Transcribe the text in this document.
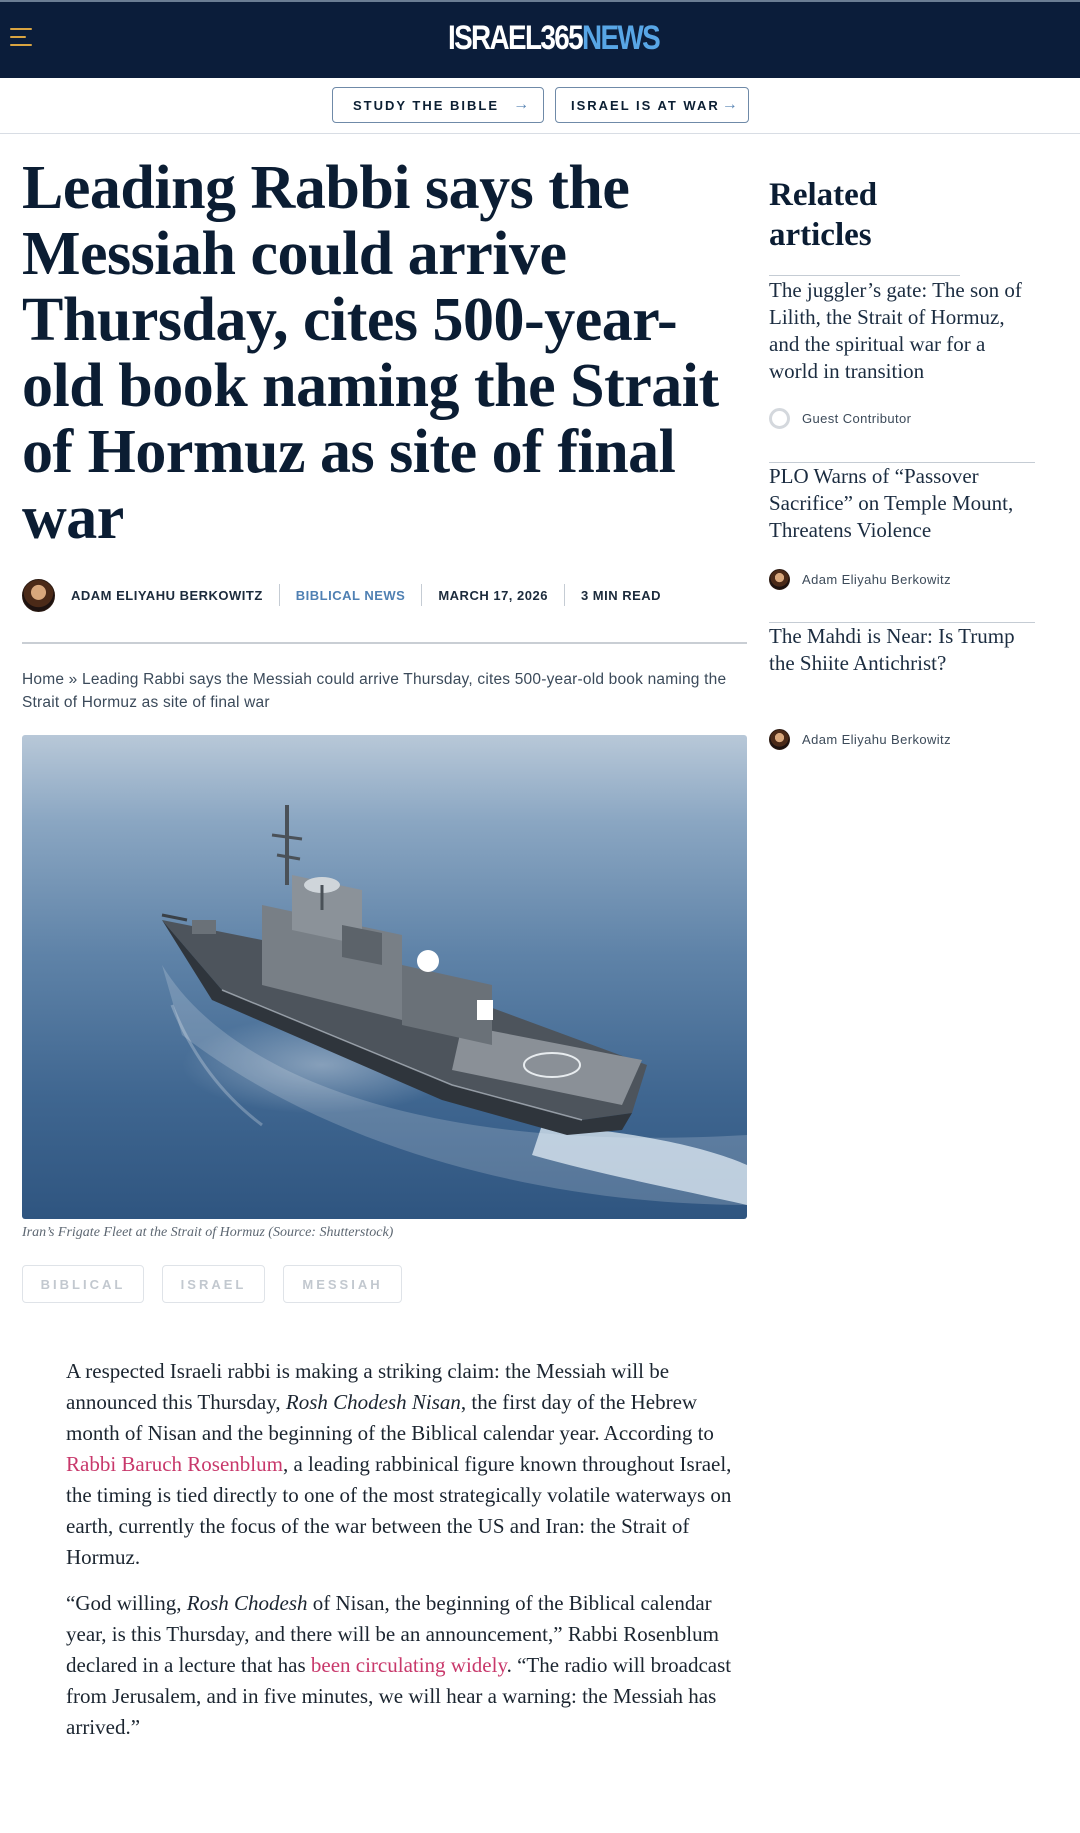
ISRAEL365 NEWS
STUDY THE BIBLE →	ISRAEL IS AT WAR →
Leading Rabbi says the Messiah could arrive Thursday, cites 500-year-old book naming the Strait of Hormuz as site of final war
ADAM ELIYAHU BERKOWITZ	BIBLICAL NEWS	MARCH 17, 2026	3 MIN READ
Home » Leading Rabbi says the Messiah could arrive Thursday, cites 500-year-old book naming the Strait of Hormuz as site of final war
Iran’s Frigate Fleet at the Strait of Hormuz (Source: Shutterstock)
BIBLICAL	ISRAEL	MESSIAH

A respected Israeli rabbi is making a striking claim: the Messiah will be announced this Thursday, Rosh Chodesh Nisan, the first day of the Hebrew month of Nisan and the beginning of the Biblical calendar year. According to Rabbi Baruch Rosenblum, a leading rabbinical figure known throughout Israel, the timing is tied directly to one of the most strategically volatile waterways on earth, currently the focus of the war between the US and Iran: the Strait of Hormuz.

“God willing, Rosh Chodesh of Nisan, the beginning of the Biblical calendar year, is this Thursday, and there will be an announcement,” Rabbi Rosenblum declared in a lecture that has been circulating widely. “The radio will broadcast from Jerusalem, and in five minutes, we will hear a warning: the Messiah has arrived.”

Related articles
The juggler’s gate: The son of Lilith, the Strait of Hormuz, and the spiritual war for a world in transition
Guest Contributor
PLO Warns of “Passover Sacrifice” on Temple Mount, Threatens Violence
Adam Eliyahu Berkowitz
The Mahdi is Near: Is Trump the Shiite Antichrist?
Adam Eliyahu Berkowitz
